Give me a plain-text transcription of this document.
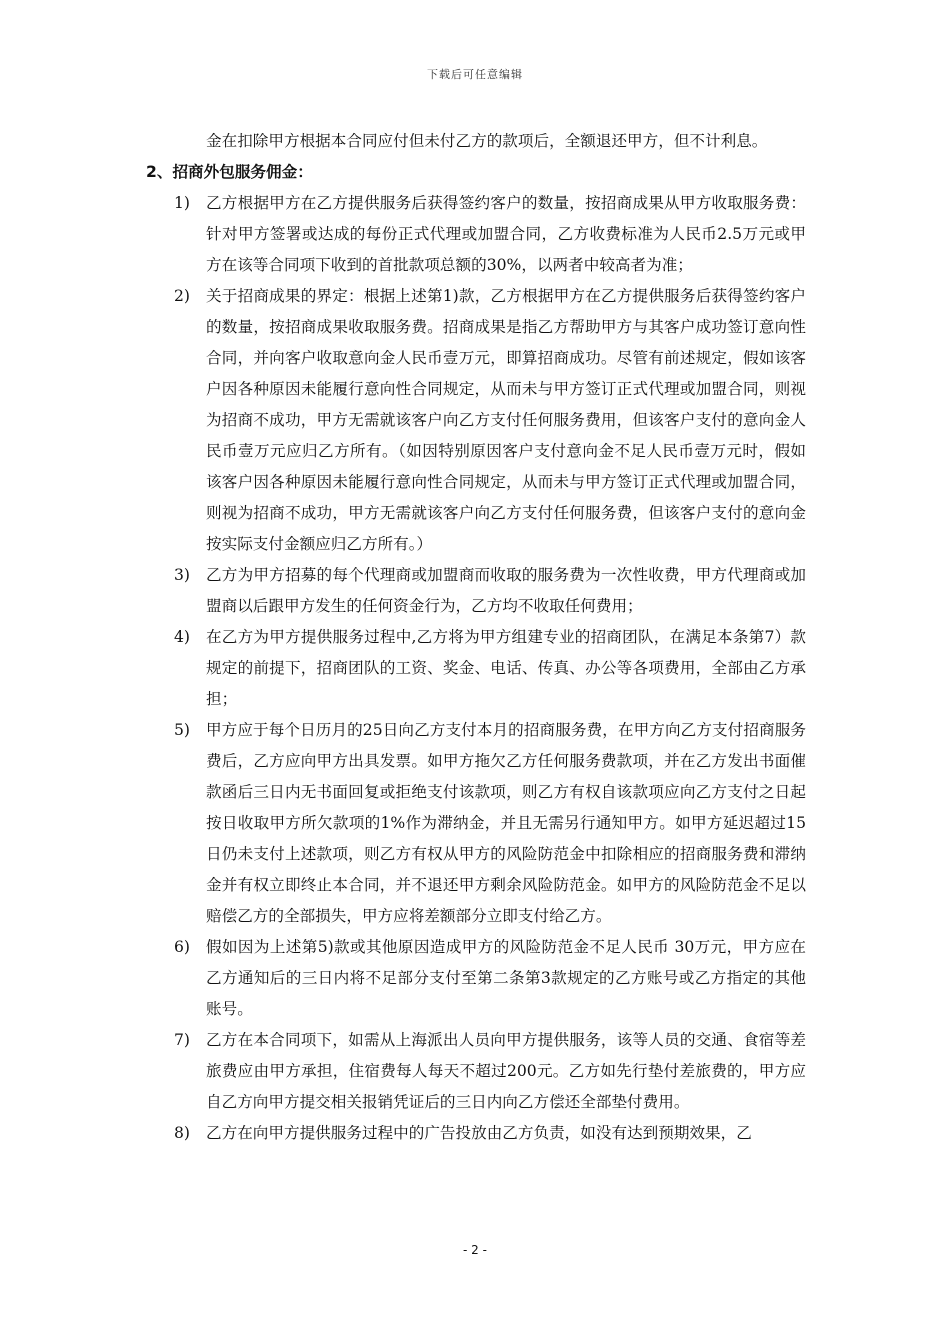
下载后可任意编辑
金在扣除甲方根据本合同应付但未付乙方的款项后，全额退还甲方，但不计利息。
2、招商外包服务佣金：
1)	乙方根据甲方在乙方提供服务后获得签约客户的数量，按招商成果从甲方收取服务费：针对甲方签署或达成的每份正式代理或加盟合同，乙方收费标准为人民币2.5万元或甲方在该等合同项下收到的首批款项总额的30%，以两者中较高者为准；
2)	关于招商成果的界定：根据上述第1)款，乙方根据甲方在乙方提供服务后获得签约客户的数量，按招商成果收取服务费。招商成果是指乙方帮助甲方与其客户成功签订意向性合同，并向客户收取意向金人民币壹万元，即算招商成功。尽管有前述规定，假如该客户因各种原因未能履行意向性合同规定，从而未与甲方签订正式代理或加盟合同，则视为招商不成功，甲方无需就该客户向乙方支付任何服务费用，但该客户支付的意向金人民币壹万元应归乙方所有。（如因特别原因客户支付意向金不足人民币壹万元时，假如该客户因各种原因未能履行意向性合同规定，从而未与甲方签订正式代理或加盟合同，则视为招商不成功，甲方无需就该客户向乙方支付任何服务费，但该客户支付的意向金按实际支付金额应归乙方所有。）
3)	乙方为甲方招募的每个代理商或加盟商而收取的服务费为一次性收费，甲方代理商或加盟商以后跟甲方发生的任何资金行为，乙方均不收取任何费用；
4)	在乙方为甲方提供服务过程中,乙方将为甲方组建专业的招商团队，在满足本条第7）款规定的前提下，招商团队的工资、奖金、电话、传真、办公等各项费用，全部由乙方承担；
5)	甲方应于每个日历月的25日向乙方支付本月的招商服务费，在甲方向乙方支付招商服务费后，乙方应向甲方出具发票。如甲方拖欠乙方任何服务费款项，并在乙方发出书面催款函后三日内无书面回复或拒绝支付该款项，则乙方有权自该款项应向乙方支付之日起按日收取甲方所欠款项的1%作为滞纳金，并且无需另行通知甲方。如甲方延迟超过15日仍未支付上述款项，则乙方有权从甲方的风险防范金中扣除相应的招商服务费和滞纳金并有权立即终止本合同，并不退还甲方剩余风险防范金。如甲方的风险防范金不足以赔偿乙方的全部损失，甲方应将差额部分立即支付给乙方。
6)	假如因为上述第5)款或其他原因造成甲方的风险防范金不足人民币 30万元，甲方应在乙方通知后的三日内将不足部分支付至第二条第3款规定的乙方账号或乙方指定的其他账号。
7)	乙方在本合同项下，如需从上海派出人员向甲方提供服务，该等人员的交通、食宿等差旅费应由甲方承担，住宿费每人每天不超过200元。乙方如先行垫付差旅费的，甲方应自乙方向甲方提交相关报销凭证后的三日内向乙方偿还全部垫付费用。
8)	乙方在向甲方提供服务过程中的广告投放由乙方负责，如没有达到预期效果，乙
- 2 -
